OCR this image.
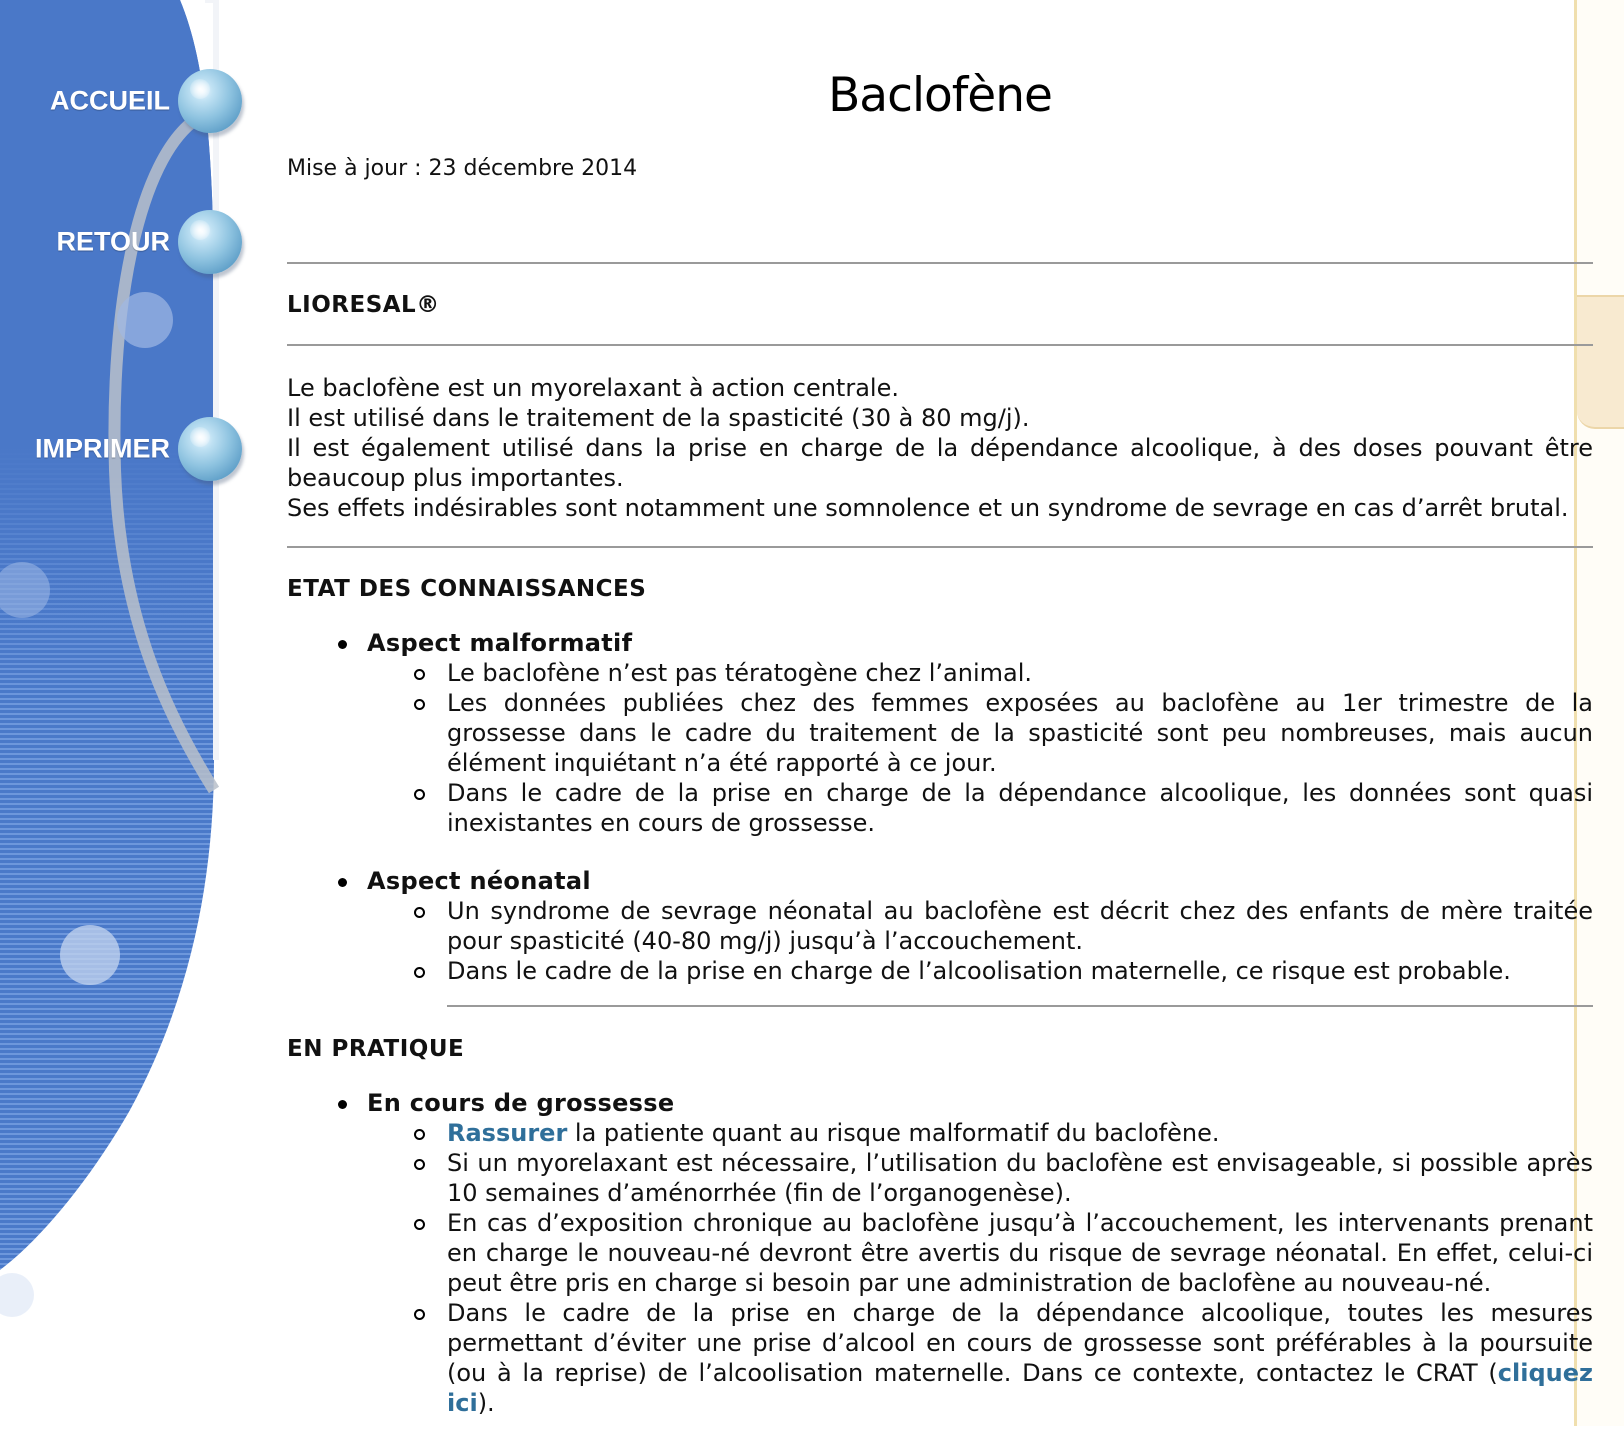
ACCUEIL
RETOUR
IMPRIMER
Baclofène
Mise à jour : 23 décembre 2014
LIORESAL®

Le baclofène est un myorelaxant à action centrale.

Il est utilisé dans le traitement de la spasticité (30 à 80 mg/j).

Il est également utilisé dans la prise en charge de la dépendance alcoolique, à des doses pouvant être beaucoup plus importantes.

Ses effets indésirables sont notamment une somnolence et un syndrome de sevrage en cas d’arrêt brutal.

ETAT DES CONNAISSANCES
Aspect malformatif
Le baclofène n’est pas tératogène chez l’animal.
Les données publiées chez des femmes exposées au baclofène au 1er trimestre de la grossesse dans le cadre du traitement de la spasticité sont peu nombreuses, mais aucun élément inquiétant n’a été rapporté à ce jour.
Dans le cadre de la prise en charge de la dépendance alcoolique, les données sont quasi inexistantes en cours de grossesse.
Aspect néonatal
Un syndrome de sevrage néonatal au baclofène est décrit chez des enfants de mère traitée pour spasticité (40-80 mg/j) jusqu’à l’accouchement.
Dans le cadre de la prise en charge de l’alcoolisation maternelle, ce risque est probable.
EN PRATIQUE
En cours de grossesse
Rassurer la patiente quant au risque malformatif du baclofène.
Si un myorelaxant est nécessaire, l’utilisation du baclofène est envisageable, si possible après 10 semaines d’aménorrhée (fin de l’organogenèse).
En cas d’exposition chronique au baclofène jusqu’à l’accouchement, les intervenants prenant en charge le nouveau-né devront être avertis du risque de sevrage néonatal. En effet, celui-ci peut être pris en charge si besoin par une administration de baclofène au nouveau-né.
Dans le cadre de la prise en charge de la dépendance alcoolique, toutes les mesures permettant d’éviter une prise d’alcool en cours de grossesse sont préférables à la poursuite (ou à la reprise) de l’alcoolisation maternelle. Dans ce contexte, contactez le CRAT (cliquez ici).
